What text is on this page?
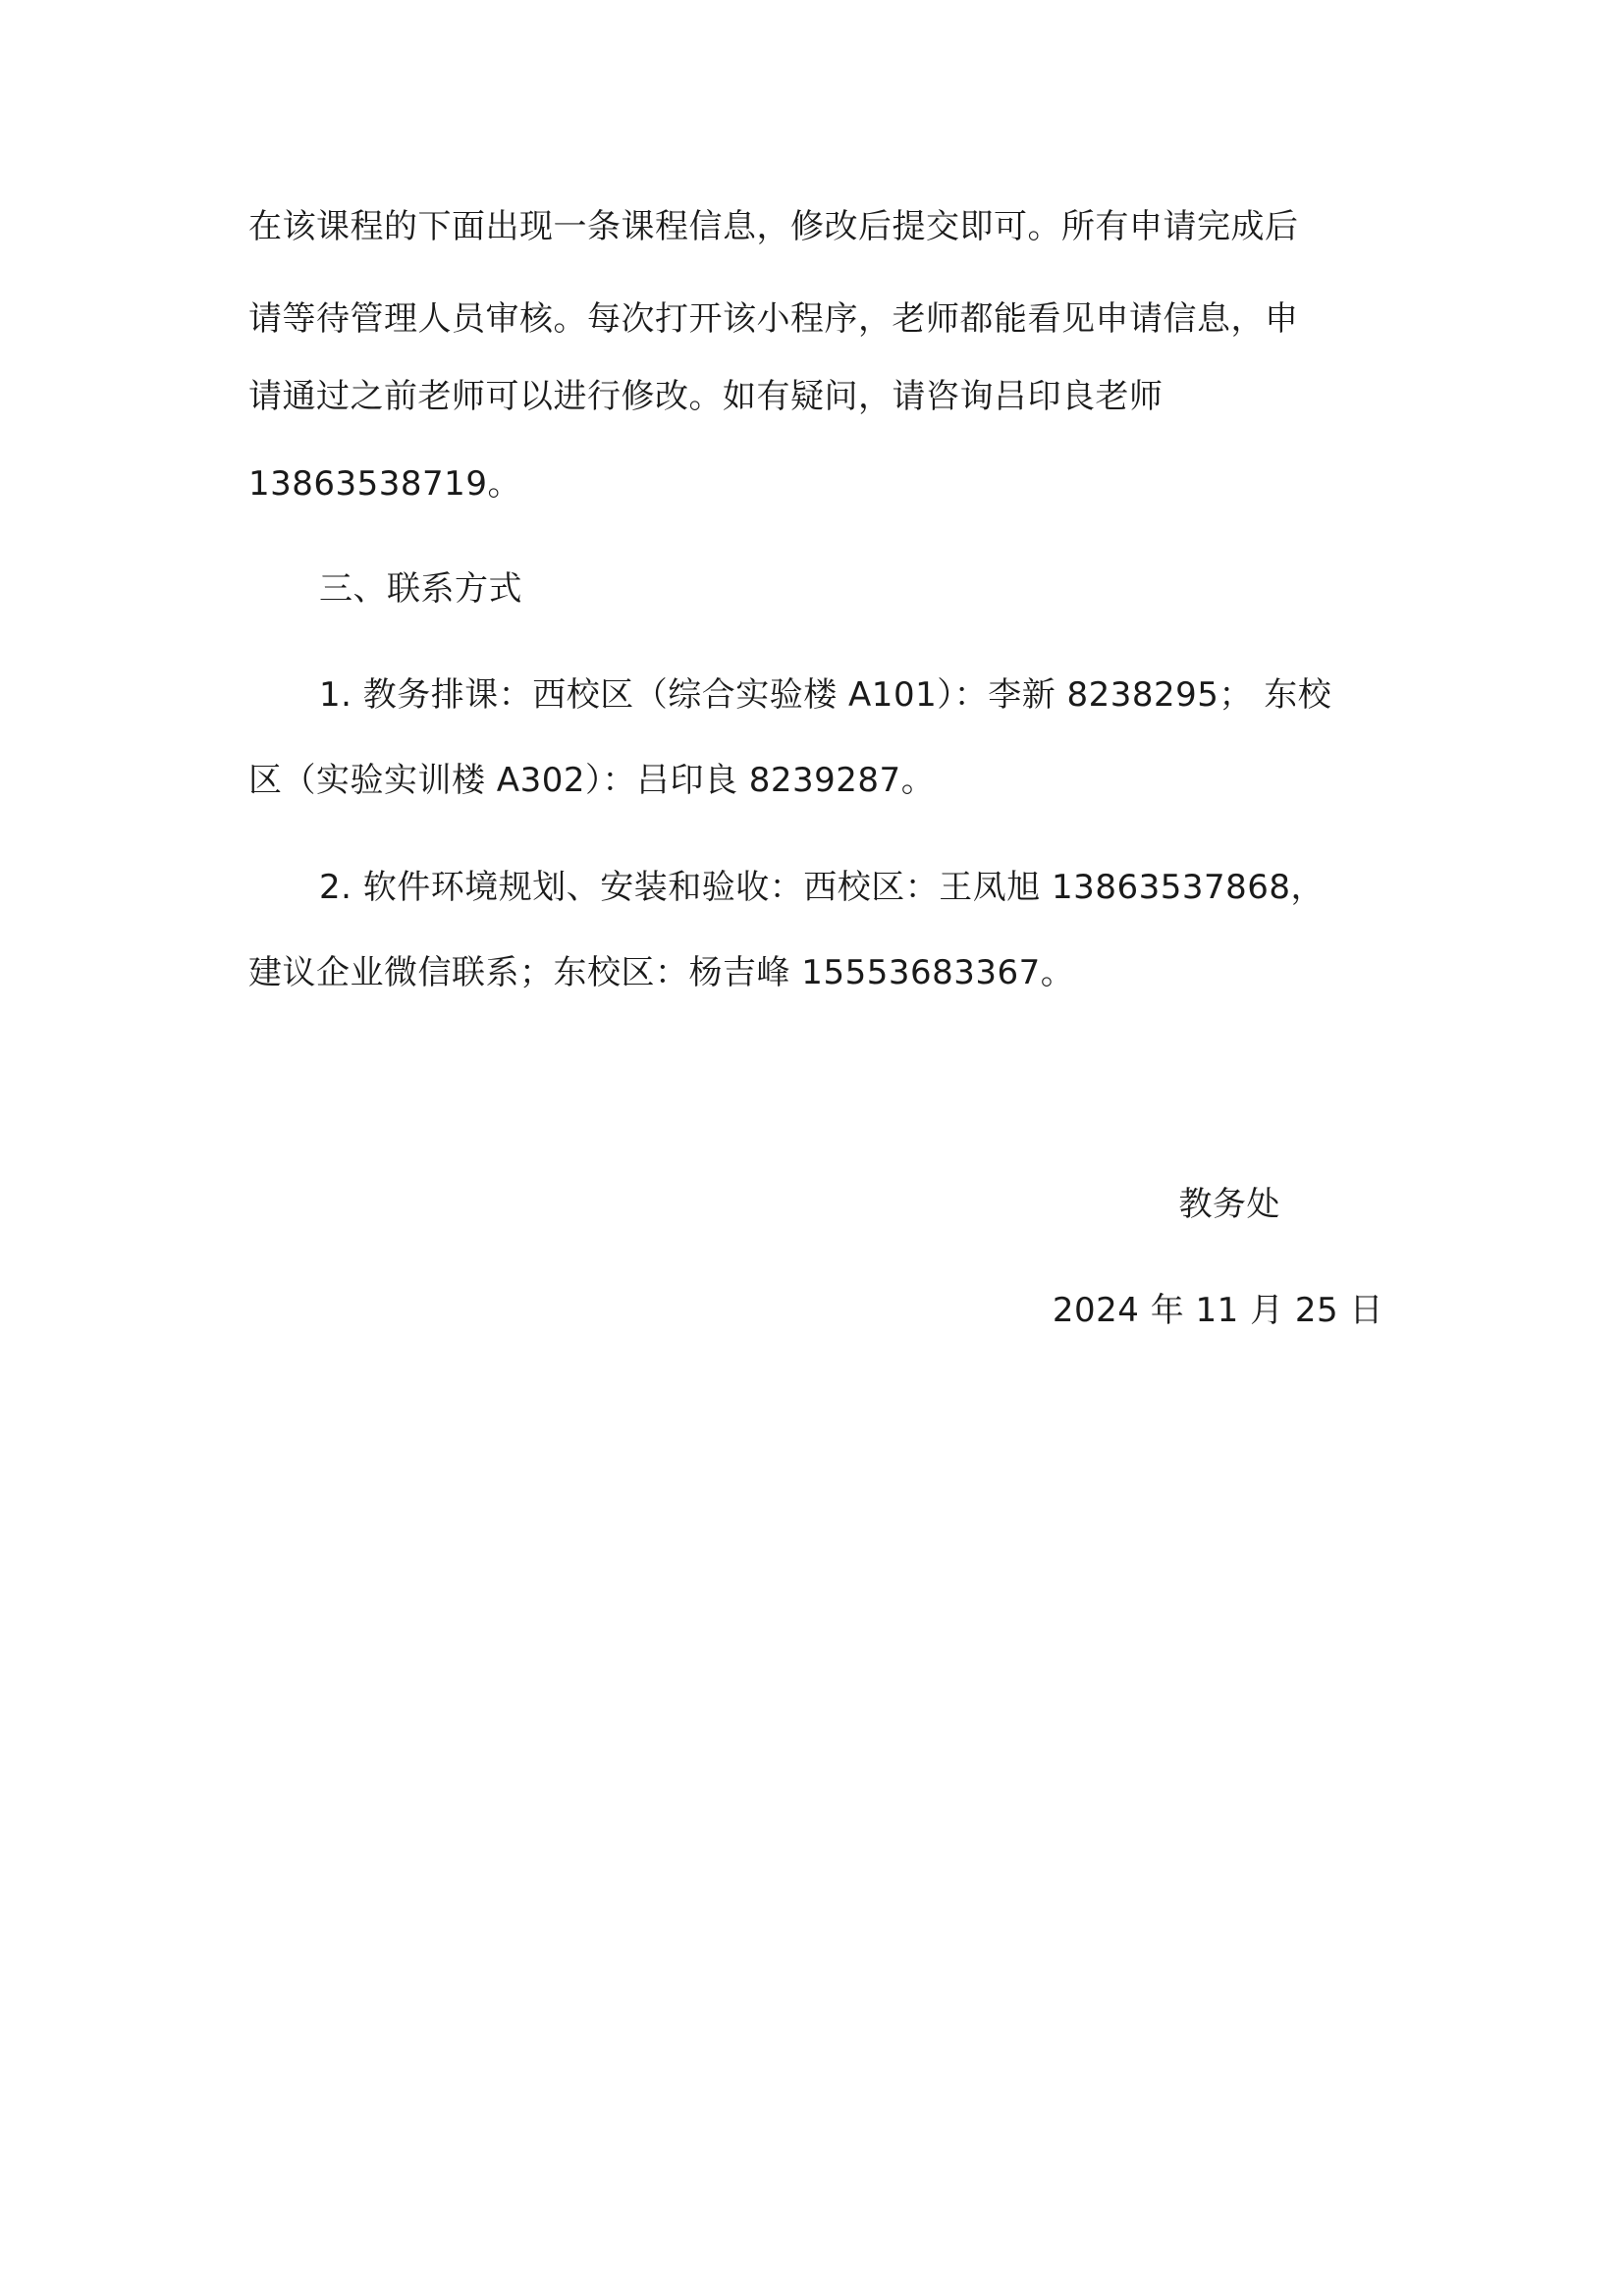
在该课程的下面出现一条课程信息，修改后提交即可。所有申请完成后
请等待管理人员审核。每次打开该小程序，老师都能看见申请信息，申
请通过之前老师可以进行修改。如有疑问，请咨询吕印良老师
13863538719。
三、联系方式
1. 教务排课：西校区（综合实验楼 A101）：李新 8238295； 东校
区（实验实训楼 A302）：吕印良 8239287。
2. 软件环境规划、安装和验收：西校区：王凤旭 13863537868，
建议企业微信联系；东校区：杨吉峰 15553683367。
教务处
2024 年 11 月 25 日
